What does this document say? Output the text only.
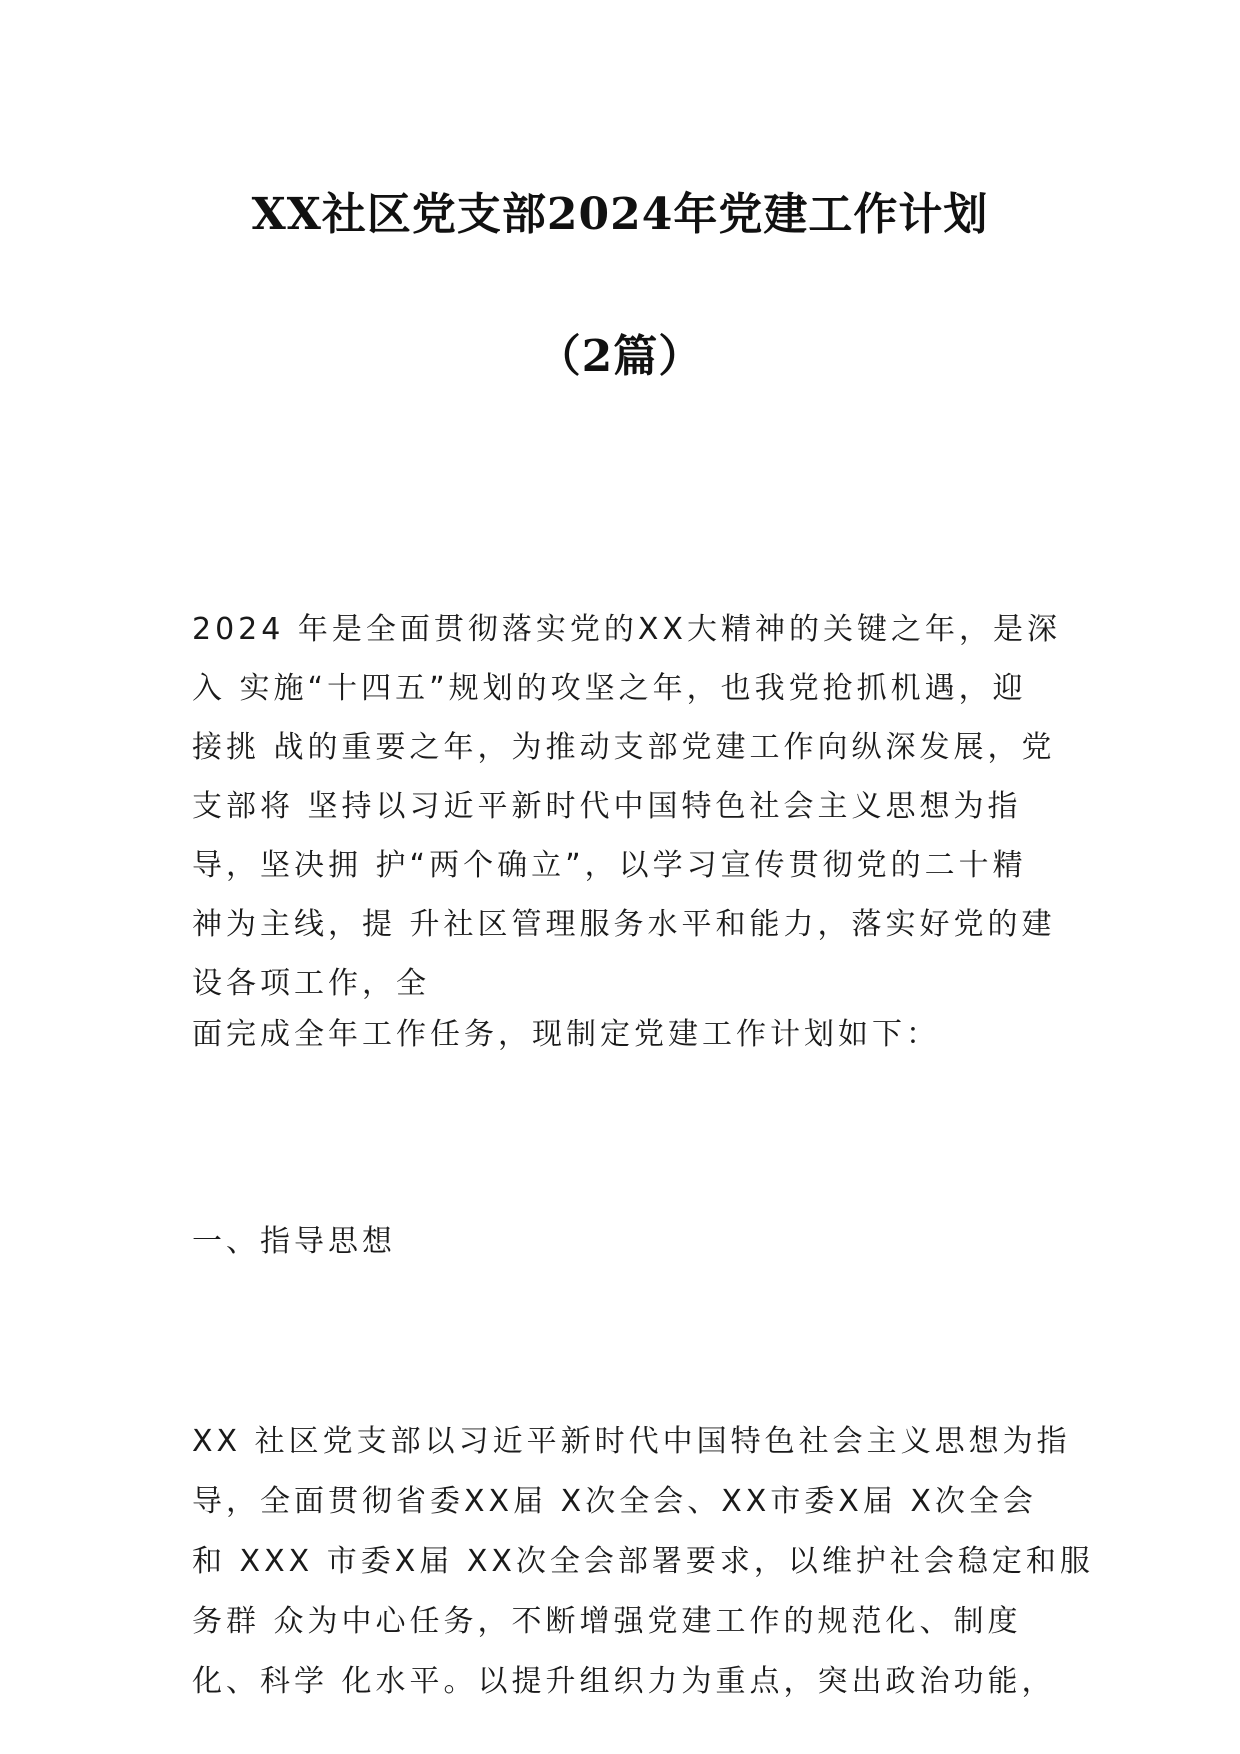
XX社区党支部2024年党建工作计划
（2篇）

2024 年是全面贯彻落实党的XX大精神的关键之年，是深

入 实施“十四五”规划的攻坚之年，也我党抢抓机遇，迎

接挑 战的重要之年，为推动支部党建工作向纵深发展，党

支部将 坚持以习近平新时代中国特色社会主义思想为指

导，坚决拥 护“两个确立”，以学习宣传贯彻党的二十精

神为主线，提 升社区管理服务水平和能力，落实好党的建

设各项工作，全

面完成全年工作任务，现制定党建工作计划如下：

一、指导思想

XX 社区党支部以习近平新时代中国特色社会主义思想为指

导，全面贯彻省委XX届 X次全会、XX市委X届 X次全会

和 XXX 市委X届 XX次全会部署要求，以维护社会稳定和服

务群 众为中心任务，不断增强党建工作的规范化、制度

化、科学 化水平。以提升组织力为重点，突出政治功能，
